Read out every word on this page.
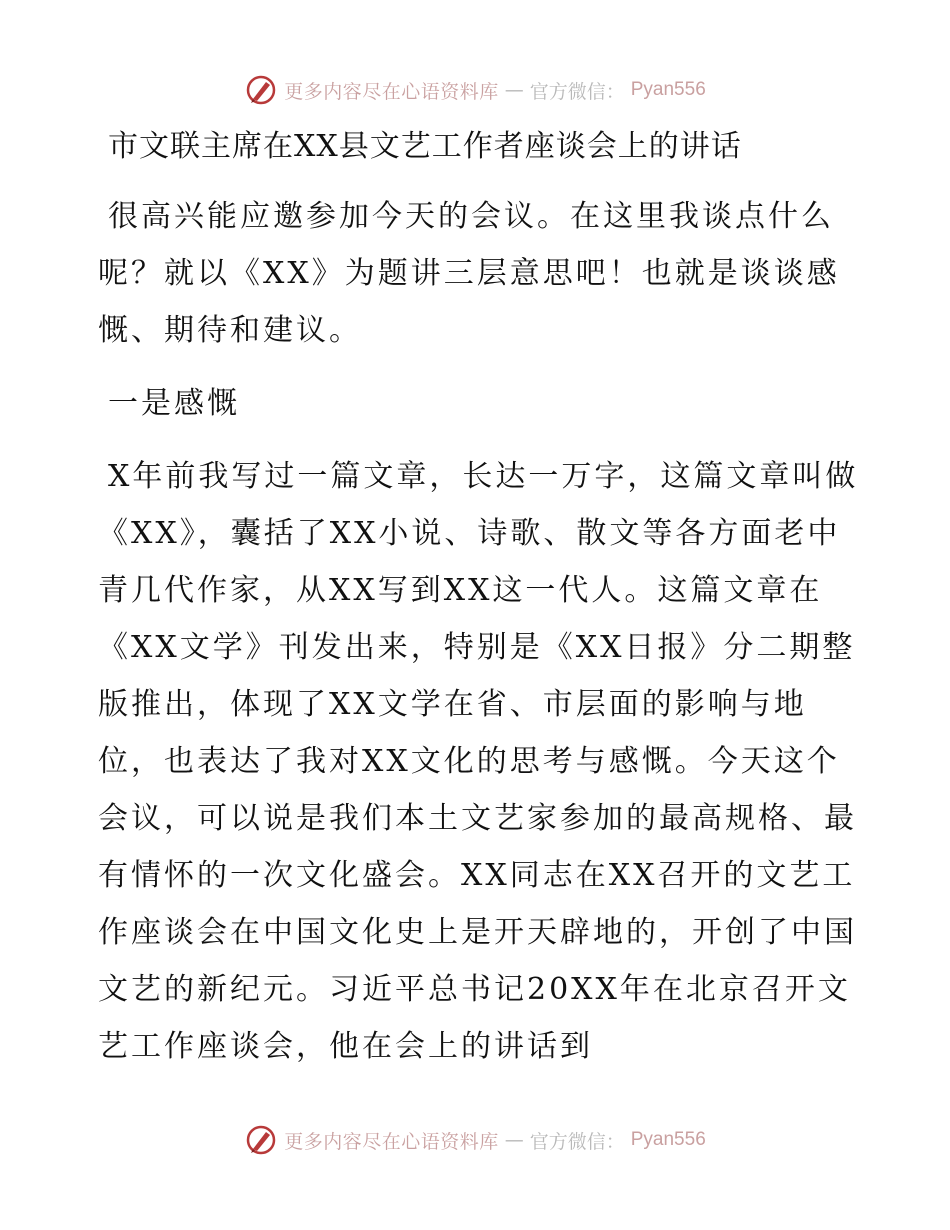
更多内容尽在心语资料库 — 官方微信： Pyan556
市文联主席在XX县文艺工作者座谈会上的讲话

很高兴能应邀参加今天的会议。在这里我谈点什么呢？就以《XX》为题讲三层意思吧！也就是谈谈感慨、期待和建议。

一是感慨

X年前我写过一篇文章，长达一万字，这篇文章叫做《XX》，囊括了XX小说、诗歌、散文等各方面老中青几代作家，从XX写到XX这一代人。这篇文章在《XX文学》刊发出来，特别是《XX日报》分二期整版推出，体现了XX文学在省、市层面的影响与地位，也表达了我对XX文化的思考与感慨。今天这个会议，可以说是我们本土文艺家参加的最高规格、最有情怀的一次文化盛会。XX同志在XX召开的文艺工作座谈会在中国文化史上是开天辟地的，开创了中国文艺的新纪元。习近平总书记20XX年在北京召开文艺工作座谈会，他在会上的讲话到

更多内容尽在心语资料库 — 官方微信： Pyan556
